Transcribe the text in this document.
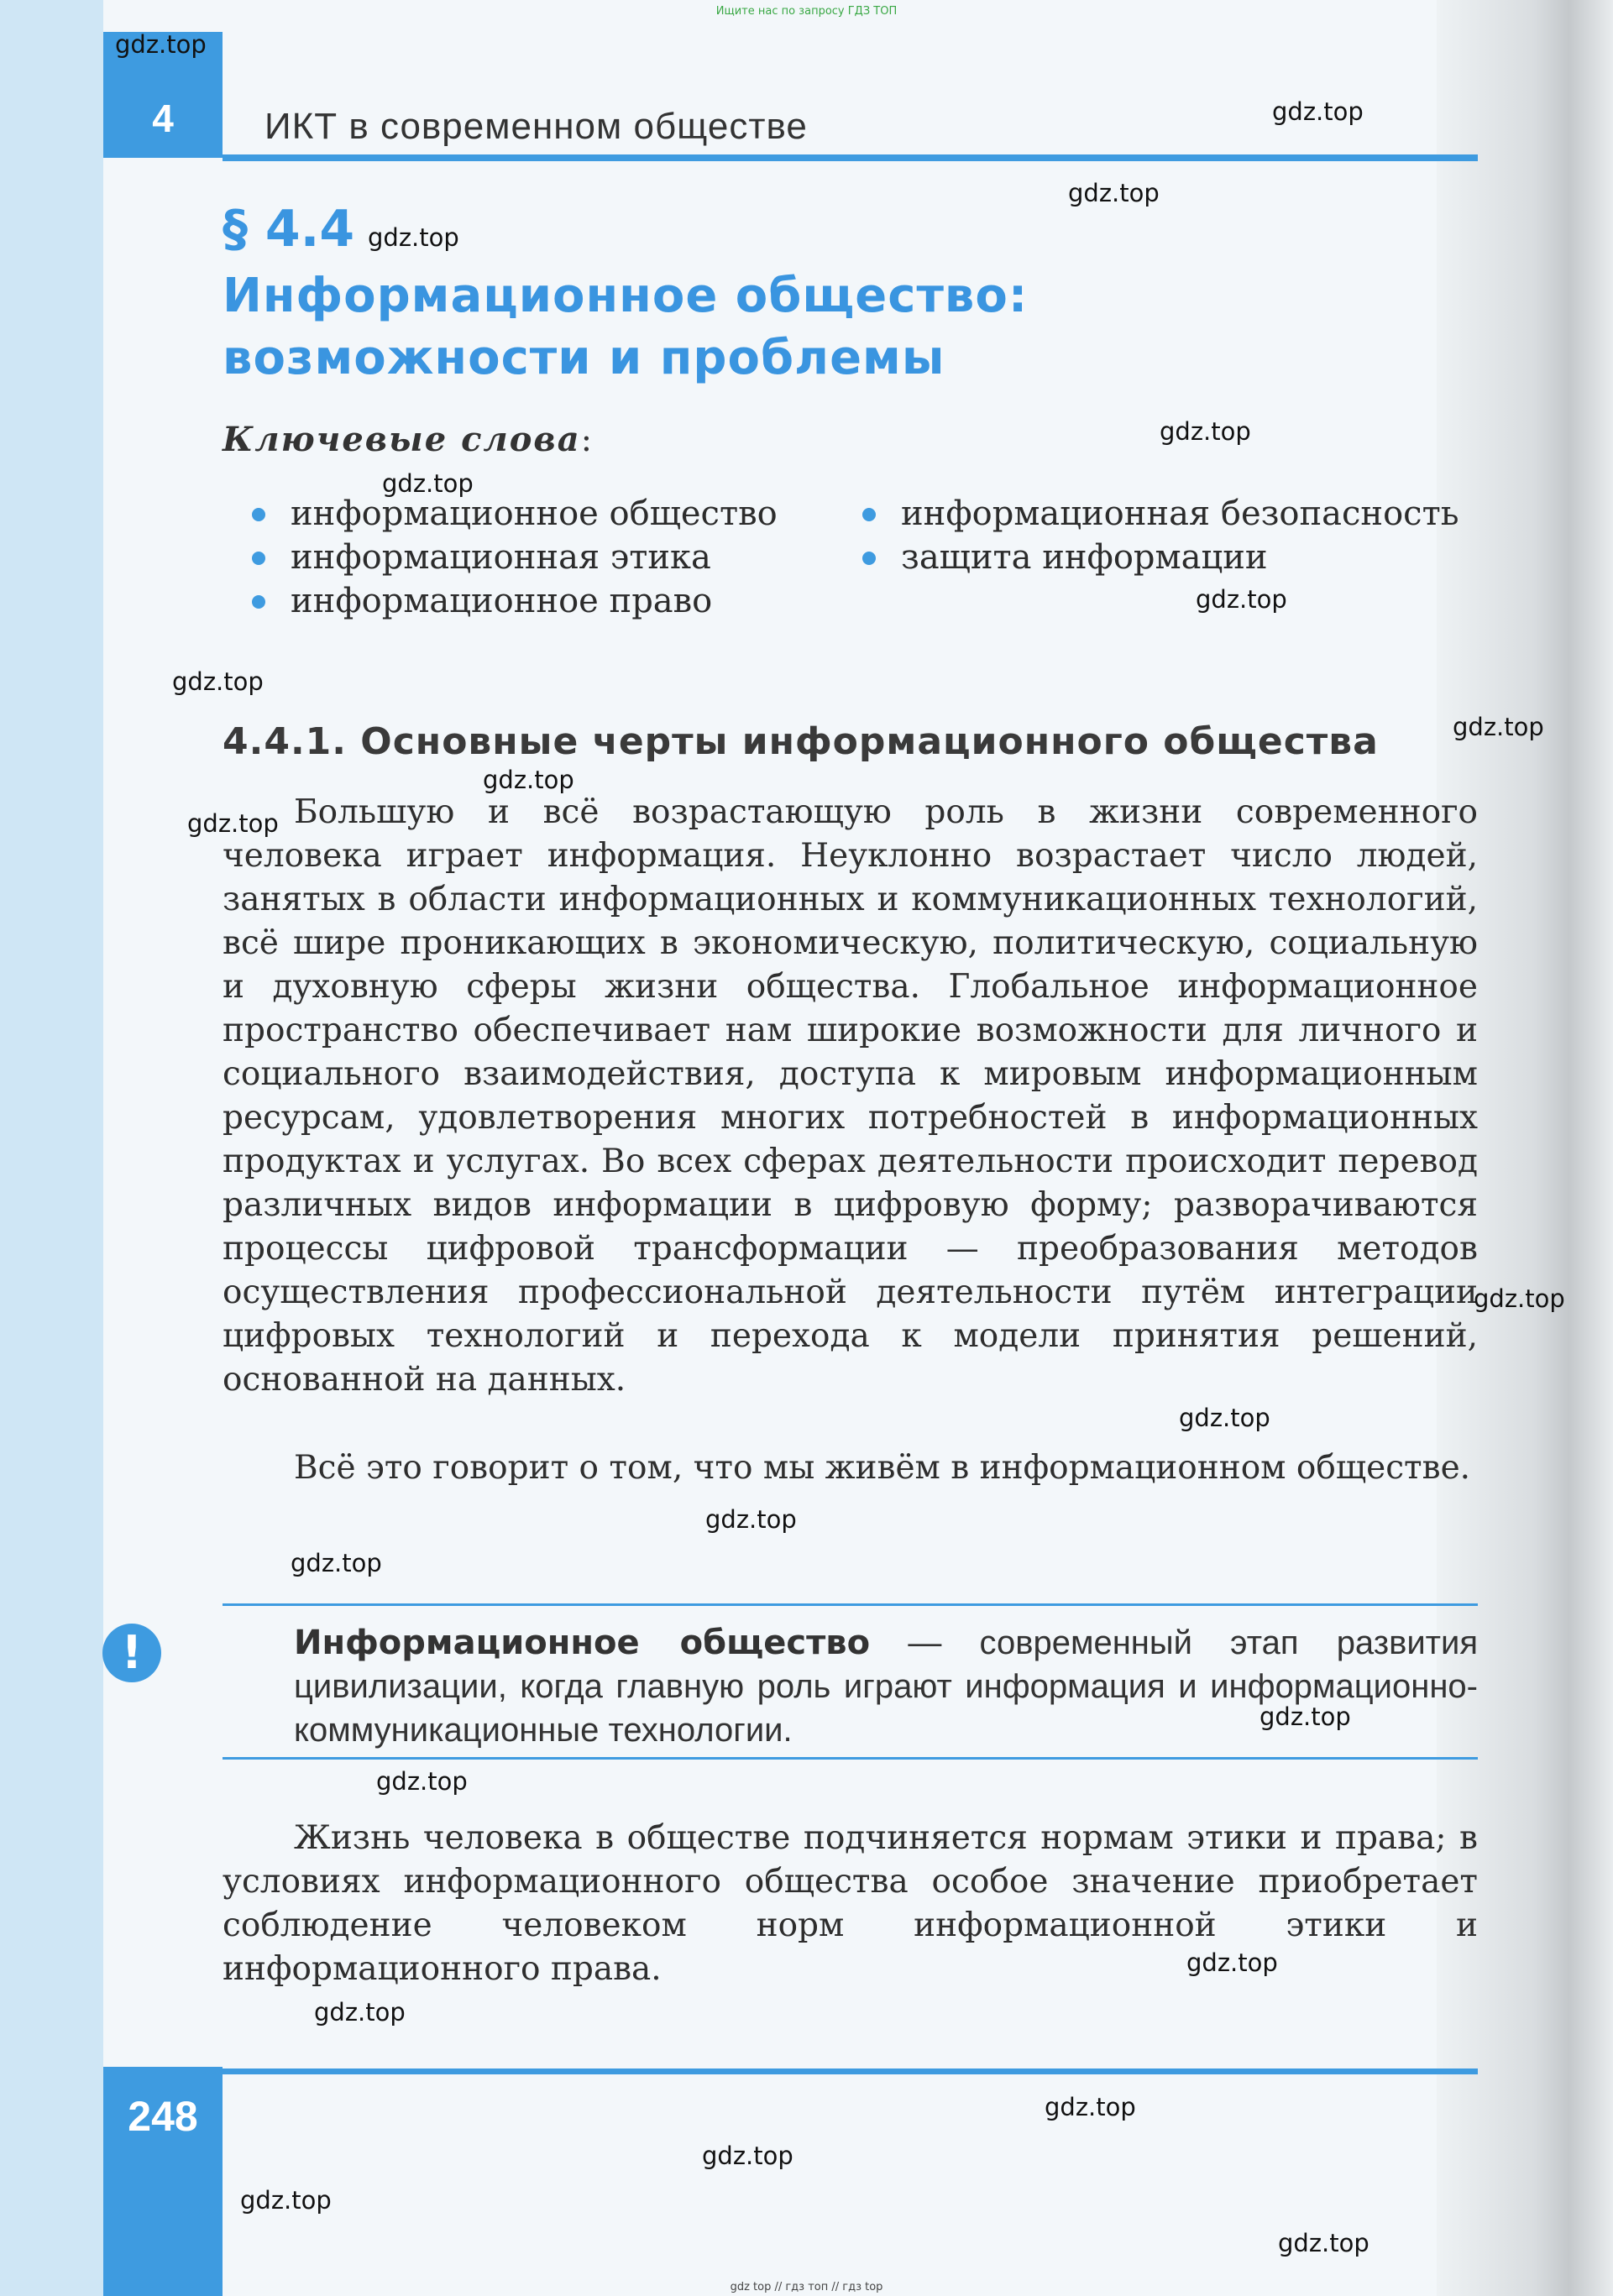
Ищите нас по запросу ГДЗ ТОП
4	ИКТ в современном обществе
§ 4.4
Информационное общество:
возможности и проблемы
Ключевые слова:
информационное общество
информационная этика
информационное право
информационная безопасность
защита информации
4.4.1. Основные черты информационного общества

Большую и всё возрастающую роль в жизни современного человека играет информация. Неуклонно возрастает число людей, занятых в области информационных и коммуникационных технологий, всё шире проникающих в экономическую, политическую, социальную и духовную сферы жизни общества. Глобальное информационное пространство обеспечивает нам широкие возможности для личного и социального взаимодействия, доступа к мировым информационным ресурсам, удовлетворения многих потребностей в информационных продуктах и услугах. Во всех сферах деятельности происходит перевод различных видов информации в цифровую форму; разворачиваются процессы цифровой трансформации — преобразования методов осуществления профессиональной деятельности путём интеграции цифровых технологий и перехода к модели принятия решений, основанной на данных.

Всё это говорит о том, что мы живём в информационном обществе.

!	Информационное общество — современный этап развития цивилизации, когда главную роль играют информация и информационно-коммуникационные технологии.

Жизнь человека в обществе подчиняется нормам этики и права; в условиях информационного общества особое значение приобретает соблюдение человеком норм информационной этики и информационного права.

248
gdz.top
gdz.top
gdz.top
gdz.top
gdz.top
gdz.top
gdz.top
gdz.top
gdz.top
gdz.top
gdz.top
gdz.top
gdz.top
gdz.top
gdz.top
gdz.top
gdz.top
gdz.top
gdz.top
gdz.top
gdz.top
gdz.top
gdz.top
gdz top // гдз топ // гдз top
